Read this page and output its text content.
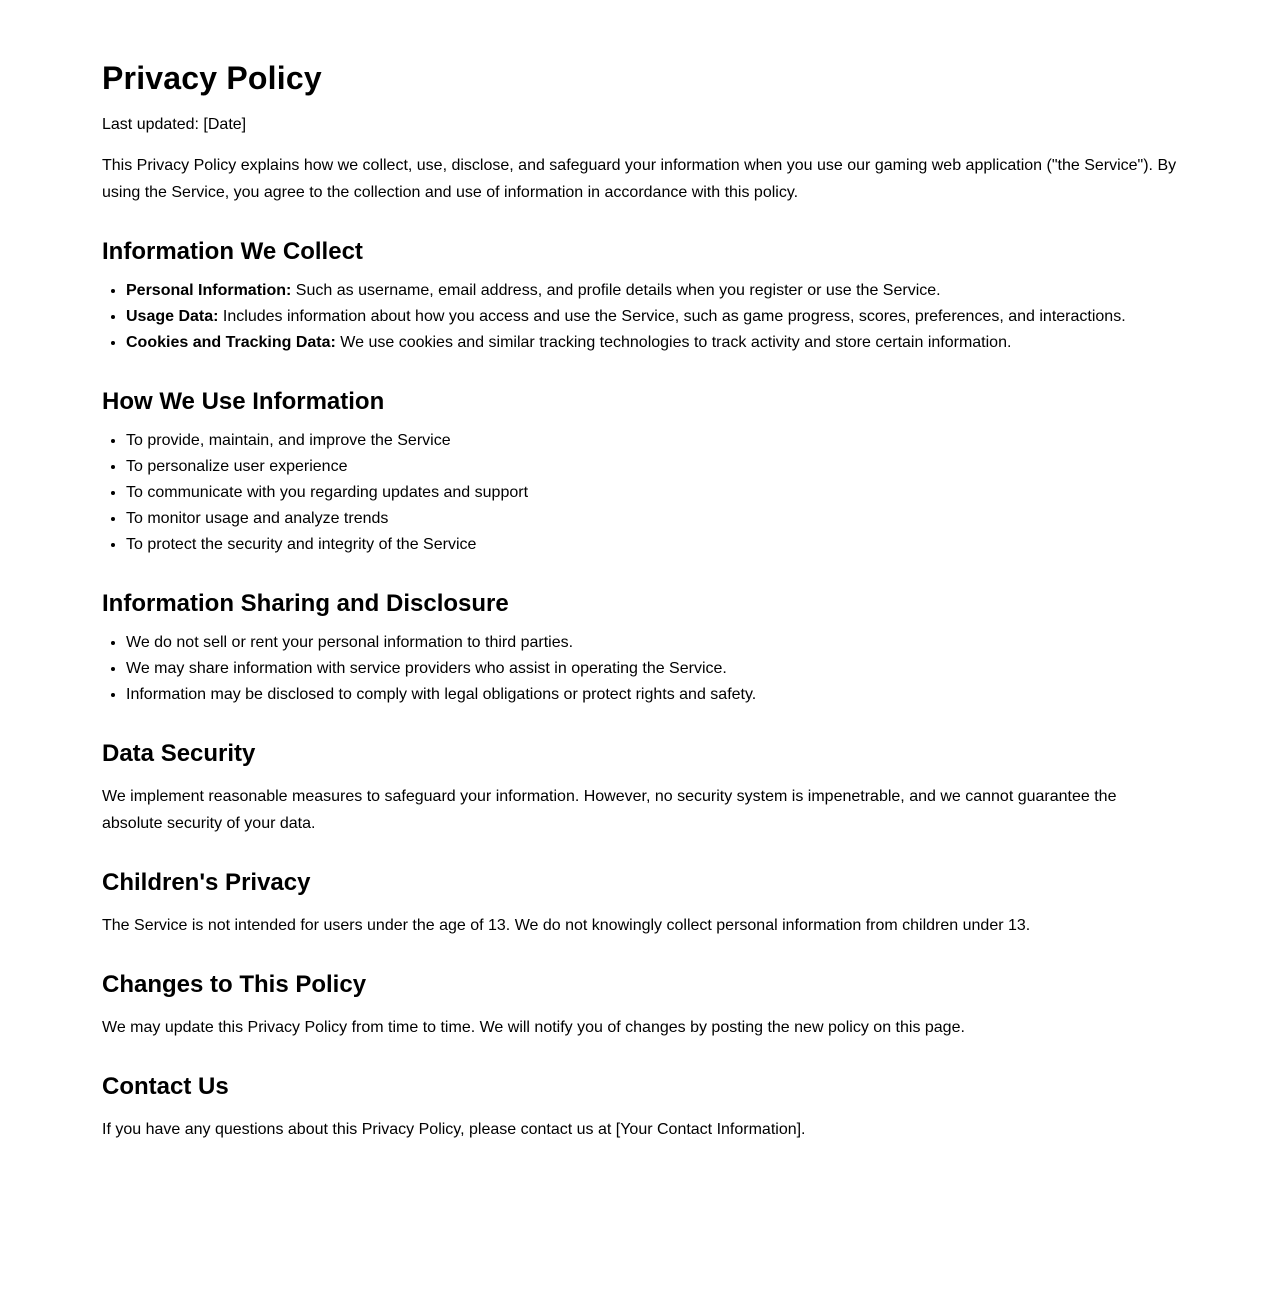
Privacy Policy

Last updated: [Date]

This Privacy Policy explains how we collect, use, disclose, and safeguard your information when you use our gaming web application ("the Service"). By using the Service, you agree to the collection and use of information in accordance with this policy.

Information We Collect
• Personal Information: Such as username, email address, and profile details when you register or use the Service.
• Usage Data: Includes information about how you access and use the Service, such as game progress, scores, preferences, and interactions.
• Cookies and Tracking Data: We use cookies and similar tracking technologies to track activity and store certain information.
How We Use Information
• To provide, maintain, and improve the Service
• To personalize user experience
• To communicate with you regarding updates and support
• To monitor usage and analyze trends
• To protect the security and integrity of the Service
Information Sharing and Disclosure
• We do not sell or rent your personal information to third parties.
• We may share information with service providers who assist in operating the Service.
• Information may be disclosed to comply with legal obligations or protect rights and safety.
Data Security

We implement reasonable measures to safeguard your information. However, no security system is impenetrable, and we cannot guarantee the absolute security of your data.

Children's Privacy

The Service is not intended for users under the age of 13. We do not knowingly collect personal information from children under 13.

Changes to This Policy

We may update this Privacy Policy from time to time. We will notify you of changes by posting the new policy on this page.

Contact Us

If you have any questions about this Privacy Policy, please contact us at [Your Contact Information].
